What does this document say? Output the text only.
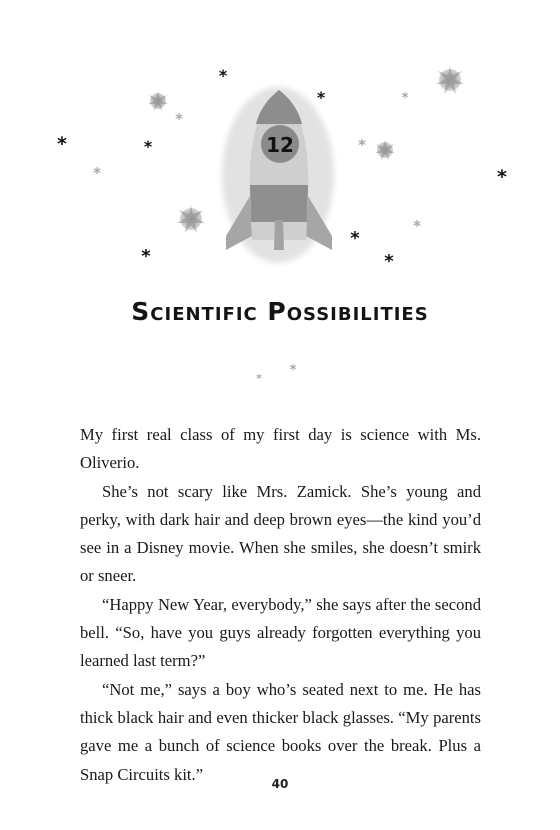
12
*
*
*	*
*
*
*	*
*
*
*
*
*
*
*
Scientific Possibilities

My first real class of my first day is science with Ms. Oliverio.

She’s not scary like Mrs. Zamick. She’s young and perky, with dark hair and deep brown eyes—the kind you’d see in a Disney movie. When she smiles, she doesn’t smirk or sneer.

“Happy New Year, everybody,” she says after the second bell. “So, have you guys already forgotten everything you learned last term?”

“Not me,” says a boy who’s seated next to me. He has thick black hair and even thicker black glasses. “My parents gave me a bunch of science books over the break. Plus a Snap Circuits kit.”

40
